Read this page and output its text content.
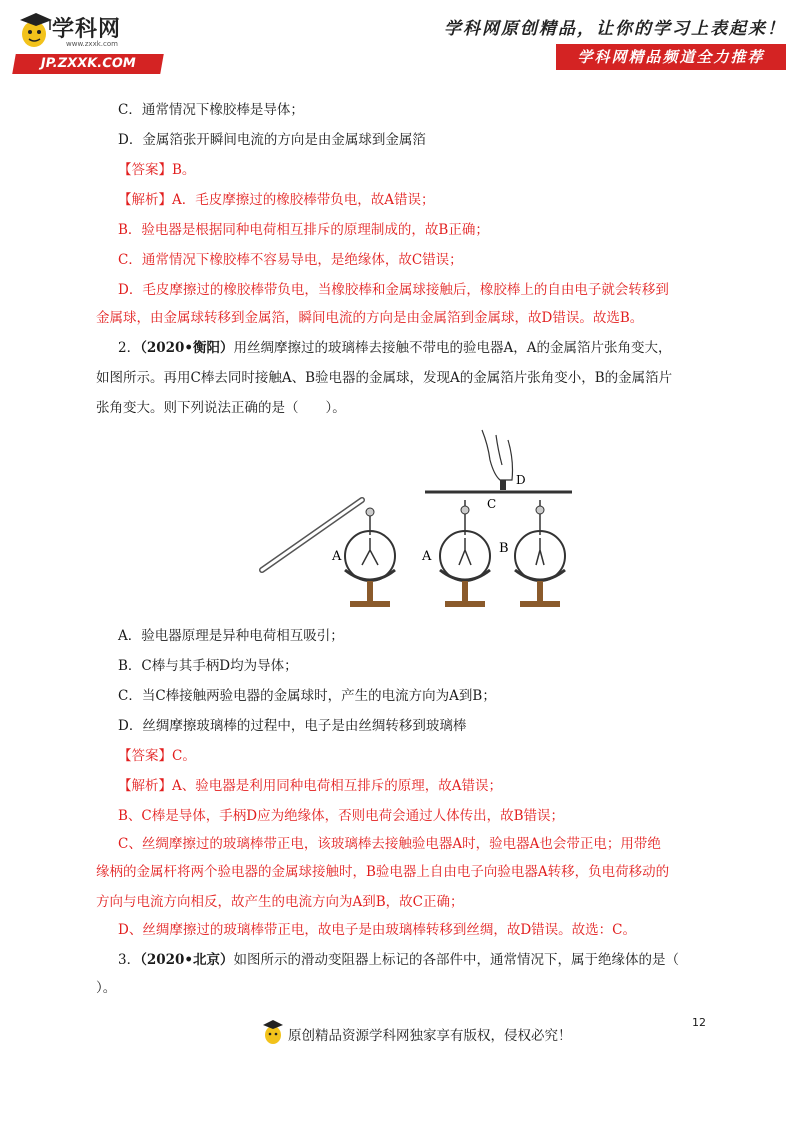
学科网
www.zxxk.com
JP.ZXXK.COM
学科网原创精品，让你的学习上表起来！
学科网精品频道全力推荐
C．通常情况下橡胶棒是导体；
D．金属箔张开瞬间电流的方向是由金属球到金属箔
【答案】B。
【解析】A．毛皮摩擦过的橡胶棒带负电，故A错误；
B．验电器是根据同种电荷相互排斥的原理制成的，故B正确；
C．通常情况下橡胶棒不容易导电，是绝缘体，故C错误；
D．毛皮摩擦过的橡胶棒带负电，当橡胶棒和金属球接触后，橡胶棒上的自由电子就会转移到
金属球，由金属球转移到金属箔，瞬间电流的方向是由金属箔到金属球，故D错误。故选B。
2．（2020•衡阳）用丝绸摩擦过的玻璃棒去接触不带电的验电器A，A的金属箔片张角变大，
如图所示。再用C棒去同时接触A、B验电器的金属球，发现A的金属箔片张角变小，B的金属箔片
张角变大。则下列说法正确的是（　　）。
A
D
C
A
B
A．验电器原理是异种电荷相互吸引；
B．C棒与其手柄D均为导体；
C．当C棒接触两验电器的金属球时，产生的电流方向为A到B；
D．丝绸摩擦玻璃棒的过程中，电子是由丝绸转移到玻璃棒
【答案】C。
【解析】A、验电器是利用同种电荷相互排斥的原理，故A错误；
B、C棒是导体，手柄D应为绝缘体，否则电荷会通过人体传出，故B错误；
C、丝绸摩擦过的玻璃棒带正电，该玻璃棒去接触验电器A时，验电器A也会带正电；用带绝
缘柄的金属杆将两个验电器的金属球接触时，B验电器上自由电子向验电器A转移，负电荷移动的
方向与电流方向相反，故产生的电流方向为A到B，故C正确；
D、丝绸摩擦过的玻璃棒带正电，故电子是由玻璃棒转移到丝绸，故D错误。故选：C。
3．（2020•北京）如图所示的滑动变阻器上标记的各部件中，通常情况下，属于绝缘体的是（
）。
原创精品资源学科网独家享有版权，侵权必究！
12
